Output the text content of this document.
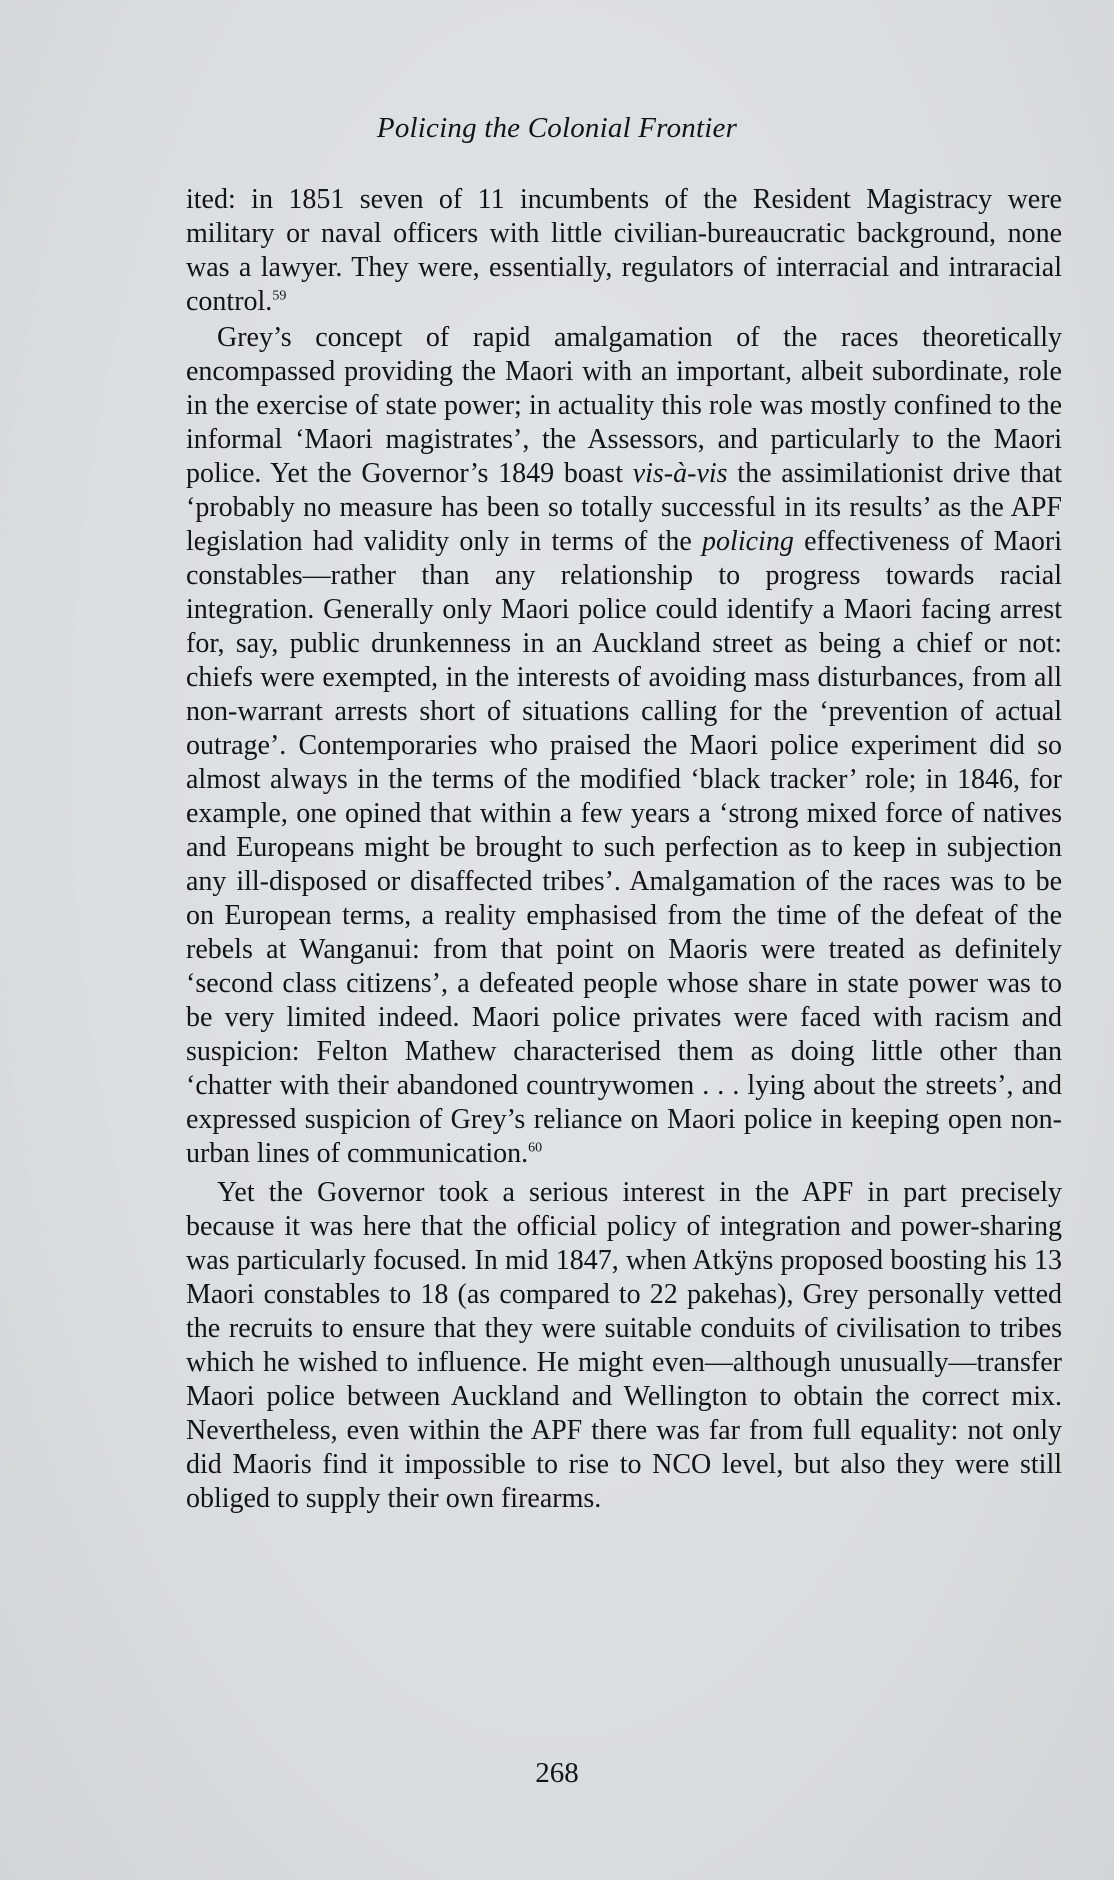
Policing the Colonial Frontier

ited: in 1851 seven of 11 incumbents of the Resident Magistracy were military or naval officers with little civilian-bureaucratic background, none was a lawyer. They were, essentially, regulators of interracial and intraracial control.$^{59}$

Grey’s concept of rapid amalgamation of the races theoretically encompassed providing the Maori with an important, albeit subordinate, role in the exercise of state power; in actuality this role was mostly confined to the informal ‘Maori magistrates’, the Assessors, and particularly to the Maori police. Yet the Governor’s 1849 boast vis-à-vis the assimilationist drive that ‘probably no measure has been so totally successful in its results’ as the APF legislation had validity only in terms of the policing effectiveness of Maori constables—rather than any relationship to progress towards racial integration. Generally only Maori police could identify a Maori facing arrest for, say, public drunkenness in an Auckland street as being a chief or not: chiefs were exempted, in the interests of avoiding mass disturbances, from all non-warrant arrests short of situations calling for the ‘prevention of actual outrage’. Contemporaries who praised the Maori police experiment did so almost always in the terms of the modified ‘black tracker’ role; in 1846, for example, one opined that within a few years a ‘strong mixed force of natives and Europeans might be brought to such perfection as to keep in subjection any ill-disposed or disaffected tribes’. Amalgamation of the races was to be on European terms, a reality emphasised from the time of the defeat of the rebels at Wanganui: from that point on Maoris were treated as definitely ‘second class citizens’, a defeated people whose share in state power was to be very limited indeed. Maori police privates were faced with racism and suspicion: Felton Mathew characterised them as doing little other than ‘chatter with their abandoned countrywomen . . . lying about the streets’, and expressed suspicion of Grey’s reliance on Maori police in keeping open non-urban lines of communication.$^{60}$

Yet the Governor took a serious interest in the APF in part precisely because it was here that the official policy of integration and power-sharing was particularly focused. In mid 1847, when Atkÿns proposed boosting his 13 Maori constables to 18 (as compared to 22 pakehas), Grey personally vetted the recruits to ensure that they were suitable conduits of civilisation to tribes which he wished to influence. He might even—although unusually—transfer Maori police between Auckland and Wellington to obtain the correct mix. Nevertheless, even within the APF there was far from full equality: not only did Maoris find it impossible to rise to NCO level, but also they were still obliged to supply their own firearms.

268
